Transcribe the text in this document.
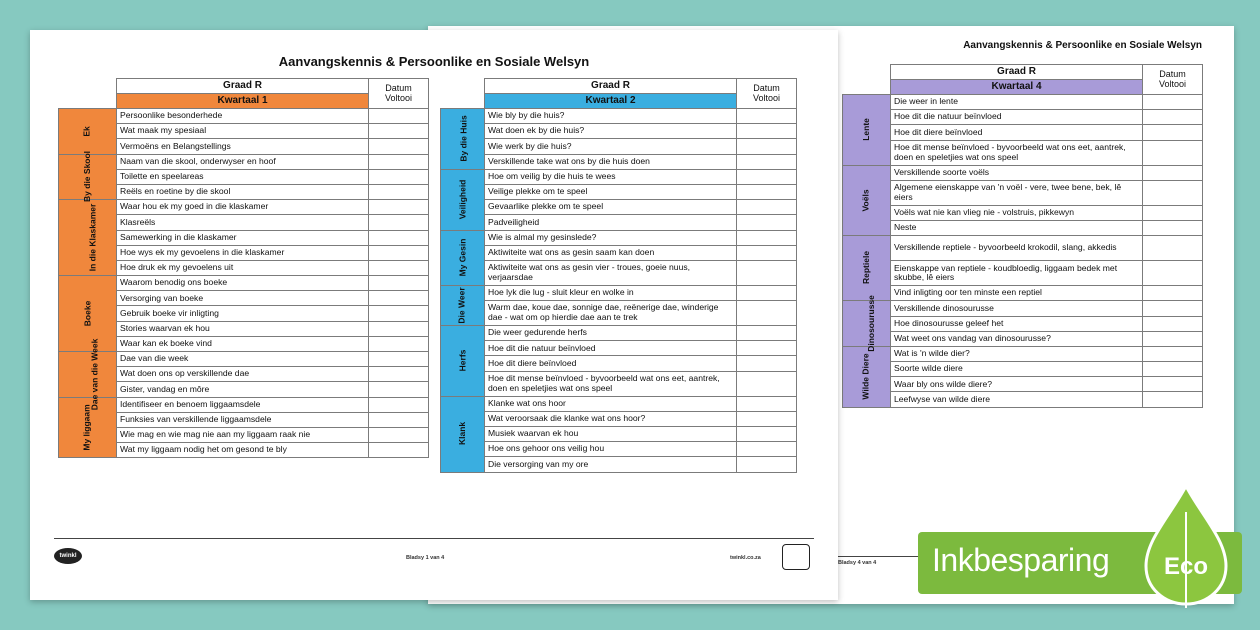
Aanvangskennis & Persoonlike en Sosiale Welsyn
	Graad R	Datum Voltooi
	Kwartaal 4	
Lente	Die weer in lente	
	Hoe dit die natuur beïnvloed	
	Hoe dit diere beïnvloed	
	Hoe dit mense beïnvloed - byvoorbeeld wat ons eet, aantrek, doen en speletjies wat ons speel	
Voëls	Verskillende soorte voëls	
	Algemene eienskappe van 'n voël - vere, twee bene, bek, lê eiers	
	Voëls wat nie kan vlieg nie - volstruis, pikkewyn	
	Neste	
Reptiele	Verskillende reptiele - byvoorbeeld krokodil, slang, akkedis	
	Eienskappe van reptiele - koudbloedig, liggaam bedek met skubbe, lê eiers	
	Vind inligting oor ten minste een reptiel	
Dinosourusse	Verskillende dinosourusse	
	Hoe dinosourusse geleef het	
	Wat weet ons vandag van dinosourusse?	
Wilde Diere	Wat is 'n wilde dier?	
	Soorte wilde diere	
	Waar bly ons wilde diere?	
	Leefwyse van wilde diere	
Bladsy 4 van 4
Aanvangskennis & Persoonlike en Sosiale Welsyn
	Graad R	Datum Voltooi
	Kwartaal 1	
Ek	Persoonlike besonderhede	
	Wat maak my spesiaal	
	Vermoëns en Belangstellings	
By die Skool	Naam van die skool, onderwyser en hoof	
	Toilette en speelareas	
	Reëls en roetine by die skool	
In die Klaskamer	Waar hou ek my goed in die klaskamer	
	Klasreëls	
	Samewerking in die klaskamer	
	Hoe wys ek my gevoelens in die klaskamer	
	Hoe druk ek my gevoelens uit	
Boeke	Waarom benodig ons boeke	
	Versorging van boeke	
	Gebruik boeke vir inligting	
	Stories waarvan ek hou	
	Waar kan ek boeke vind	
Dae van die Week	Dae van die week	
	Wat doen ons op verskillende dae	
	Gister, vandag en môre	
My liggaam	Identifiseer en benoem liggaamsdele	
	Funksies van verskillende liggaamsdele	
	Wie mag en wie mag nie aan my liggaam raak nie	
	Wat my liggaam nodig het om gesond te bly	
	Graad R	Datum Voltooi
	Kwartaal 2	
By die Huis	Wie bly by die huis?	
	Wat doen ek by die huis?	
	Wie werk by die huis?	
	Verskillende take wat ons by die huis doen	
Veiligheid	Hoe om veilig by die huis te wees	
	Veilige plekke om te speel	
	Gevaarlike plekke om te speel	
	Padveiligheid	
My Gesin	Wie is almal my gesinslede?	
	Aktiwiteite wat ons as gesin saam kan doen	
	Aktiwiteite wat ons as gesin vier - troues, goeie nuus, verjaarsdae	
Die Weer	Hoe lyk die lug - sluit kleur en wolke in	
	Warm dae, koue dae, sonnige dae, reënerige dae, winderige dae - wat om op hierdie dae aan te trek	
Herfs	Die weer gedurende herfs	
	Hoe dit die natuur beïnvloed	
	Hoe dit diere beïnvloed	
	Hoe dit mense beïnvloed - byvoorbeeld wat ons eet, aantrek, doen en speletjies wat ons speel	
Klank	Klanke wat ons hoor	
	Wat veroorsaak die klanke wat ons hoor?	
	Musiek waarvan ek hou	
	Hoe ons gehoor ons veilig hou	
	Die versorging van my ore	
twinkl	Bladsy 1 van 4	twinkl.co.za	Inkbesparing Eco
